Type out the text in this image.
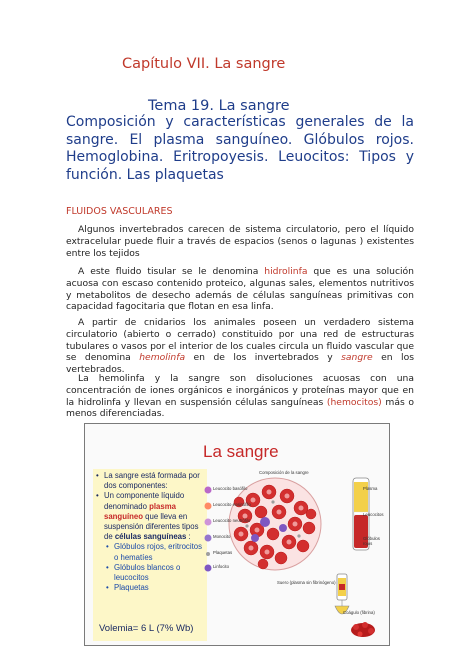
Capítulo VII. La sangre
Tema 19. La sangre
Composición y características generales de la sangre. El plasma sanguíneo. Glóbulos rojos. Hemoglobina. Eritropoyesis. Leuocitos: Tipos y función. Las plaquetas
FLUIDOS VASCULARES
Algunos invertebrados carecen de sistema circulatorio, pero el líquido extracelular puede fluir a través de espacios (senos o lagunas ) existentes entre los tejidos
A este fluido tisular se le denomina hidrolinfa que es una solución acuosa con escaso contenido proteico, algunas sales, elementos nutritivos y metabolitos de desecho además de células sanguíneas primitivas con capacidad fagocitaria que flotan en esa linfa.
A partir de cnidarios los animales poseen un verdadero sistema circulatorio (abierto o cerrado) constituido por una red de estructuras tubulares o vasos por el interior de los cuales circula un fluido vascular que se denomina hemolinfa en de los invertebrados y sangre en los vertebrados.
La hemolinfa y la sangre son disoluciones acuosas con una concentración de iones orgánicos e inorgánicos y proteínas mayor que en la hidrolinfa y llevan en suspensión células sanguíneas (hemocitos) más o menos diferenciadas.
La sangre
• La sangre está formada por dos componentes:
• Un componente líquido denominado plasma sanguíneo que lleva en suspensión diferentes tipos de células sanguíneas :
• Glóbulos rojos, eritrocitos o hematíes
• Glóbulos blancos o leucocitos
• Plaquetas
Volemia= 6 L (7% Wb)
Composición de la sangre
Leucocito basófilo
Leucocito eosinófilo
Leucocito neutrófilo
Monocito
Plaquetas
Linfocito
Plasma
Leucocitos
Glóbulos rojos
Suero (plasma sin fibrinógeno)
Coágulo (fibrina)
